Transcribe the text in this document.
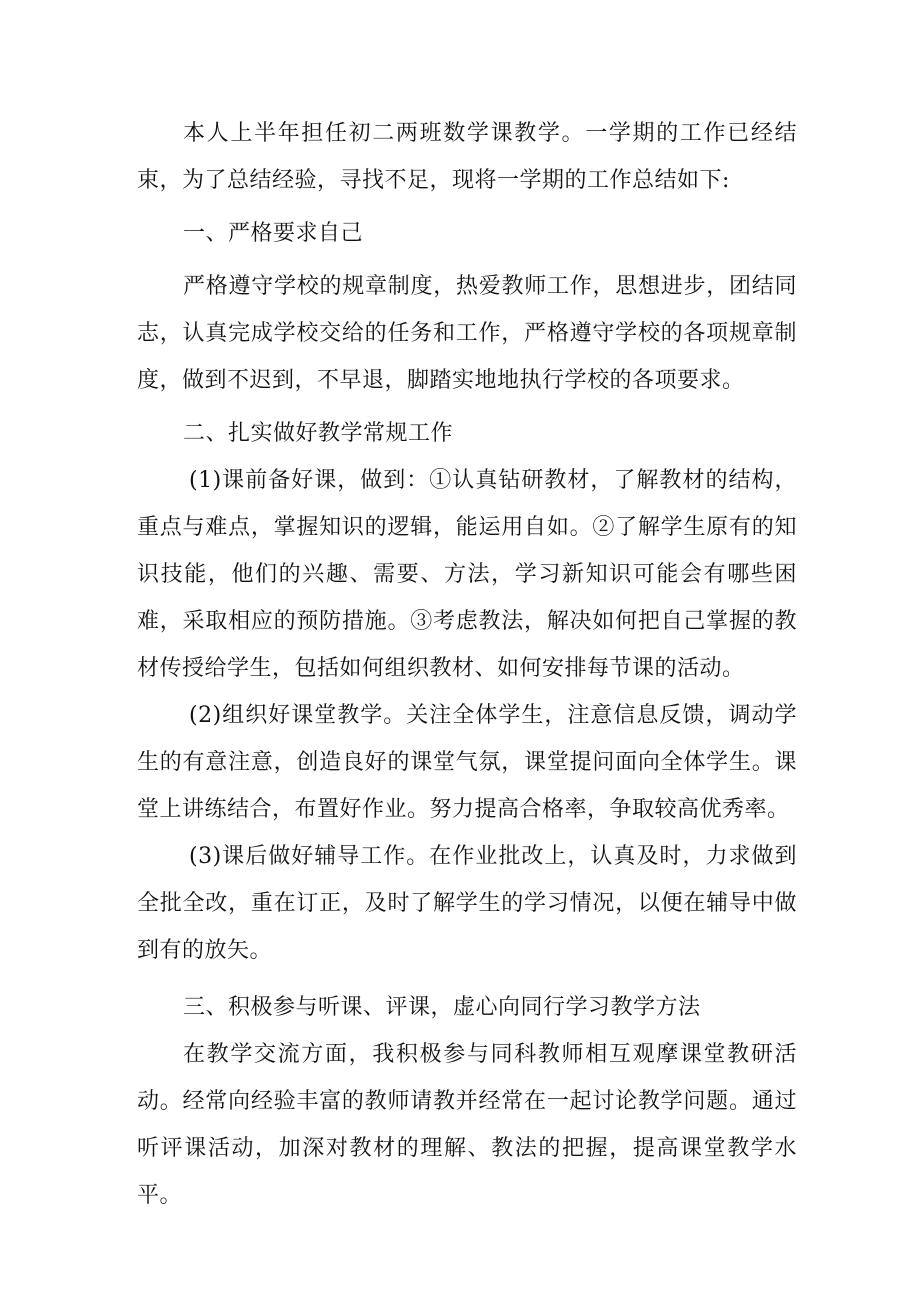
本人上半年担任初二两班数学课教学。一学期的工作已经结束，为了总结经验，寻找不足，现将一学期的工作总结如下:

一、严格要求自己

严格遵守学校的规章制度，热爱教师工作，思想进步，团结同志，认真完成学校交给的任务和工作，严格遵守学校的各项规章制度，做到不迟到，不早退，脚踏实地地执行学校的各项要求。

二、扎实做好教学常规工作

(1)课前备好课，做到：①认真钻研教材，了解教材的结构，重点与难点，掌握知识的逻辑，能运用自如。②了解学生原有的知识技能，他们的兴趣、需要、方法，学习新知识可能会有哪些困难，采取相应的预防措施。③考虑教法，解决如何把自己掌握的教材传授给学生，包括如何组织教材、如何安排每节课的活动。

(2)组织好课堂教学。关注全体学生，注意信息反馈，调动学生的有意注意，创造良好的课堂气氛，课堂提问面向全体学生。课堂上讲练结合，布置好作业。努力提高合格率，争取较高优秀率。

(3)课后做好辅导工作。在作业批改上，认真及时，力求做到全批全改，重在订正，及时了解学生的学习情况，以便在辅导中做到有的放矢。

三、积极参与听课、评课，虚心向同行学习教学方法

在教学交流方面，我积极参与同科教师相互观摩课堂教研活动。经常向经验丰富的教师请教并经常在一起讨论教学问题。通过听评课活动，加深对教材的理解、教法的把握，提高课堂教学水平。
